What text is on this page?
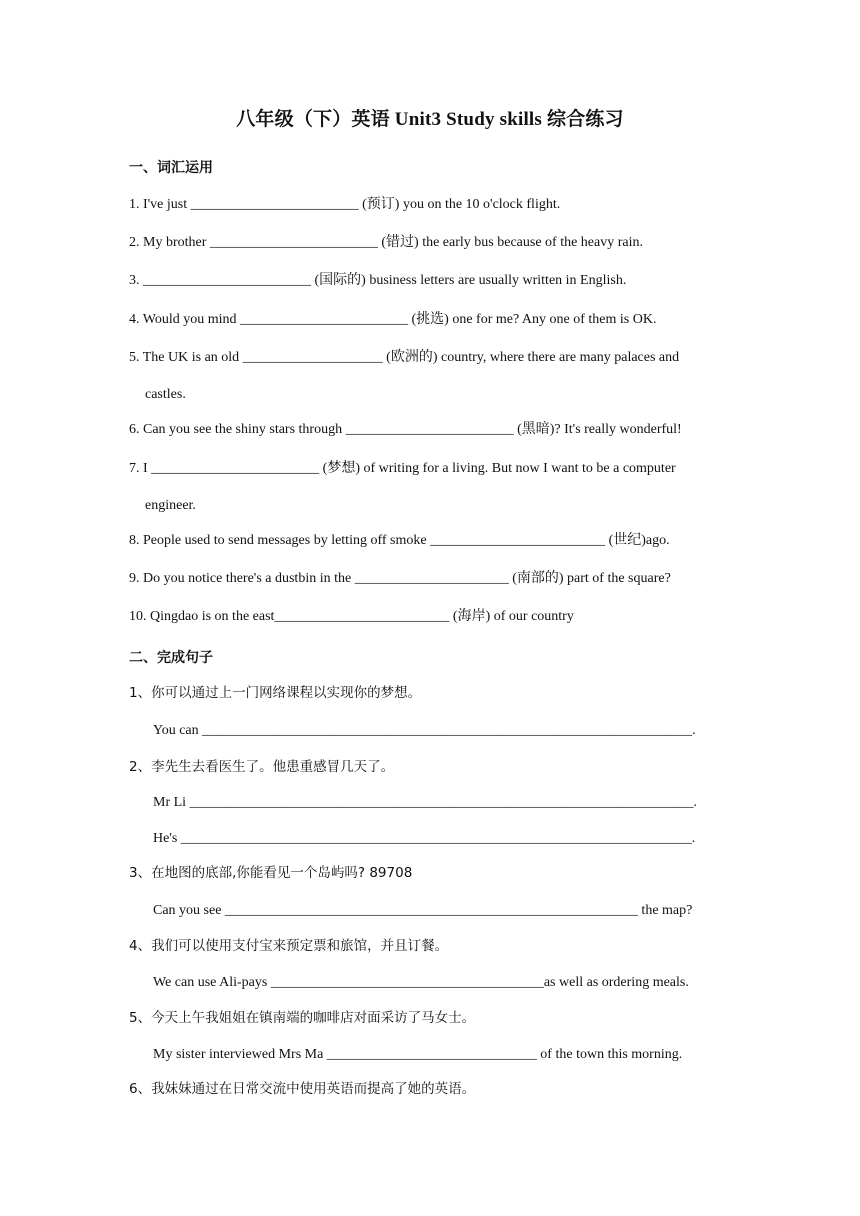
八年级（下）英语 Unit3 Study skills 综合练习
一、词汇运用
1. I've just ________________________ (预订) you on the 10 o'clock flight.
2. My brother ________________________ (错过) the early bus because of the heavy rain.
3. ________________________ (国际的) business letters are usually written in English.
4. Would you mind ________________________ (挑选) one for me? Any one of them is OK.
5. The UK is an old ____________________ (欧洲的) country, where there are many palaces and
castles.
6. Can you see the shiny stars through ________________________ (黑暗)? It's really wonderful!
7. I ________________________ (梦想) of writing for a living. But now I want to be a computer
engineer.
8. People used to send messages by letting off smoke _________________________ (世纪)ago.
9. Do you notice there's a dustbin in the ______________________ (南部的) part of the square?
10. Qingdao is on the east_________________________ (海岸) of our country
二、完成句子
1、你可以通过上一门网络课程以实现你的梦想。
You can ______________________________________________________________________.
2、李先生去看医生了。他患重感冒几天了。
Mr Li ________________________________________________________________________.
He's _________________________________________________________________________.
3、在地图的底部,你能看见一个岛屿吗? 89708
Can you see ___________________________________________________________ the map?
4、我们可以使用支付宝来预定票和旅馆，并且订餐。
We can use Ali-pays _______________________________________as well as ordering meals.
5、今天上午我姐姐在镇南端的咖啡店对面采访了马女士。
My sister interviewed Mrs Ma ______________________________ of the town this morning.
6、我妹妹通过在日常交流中使用英语而提高了她的英语。
